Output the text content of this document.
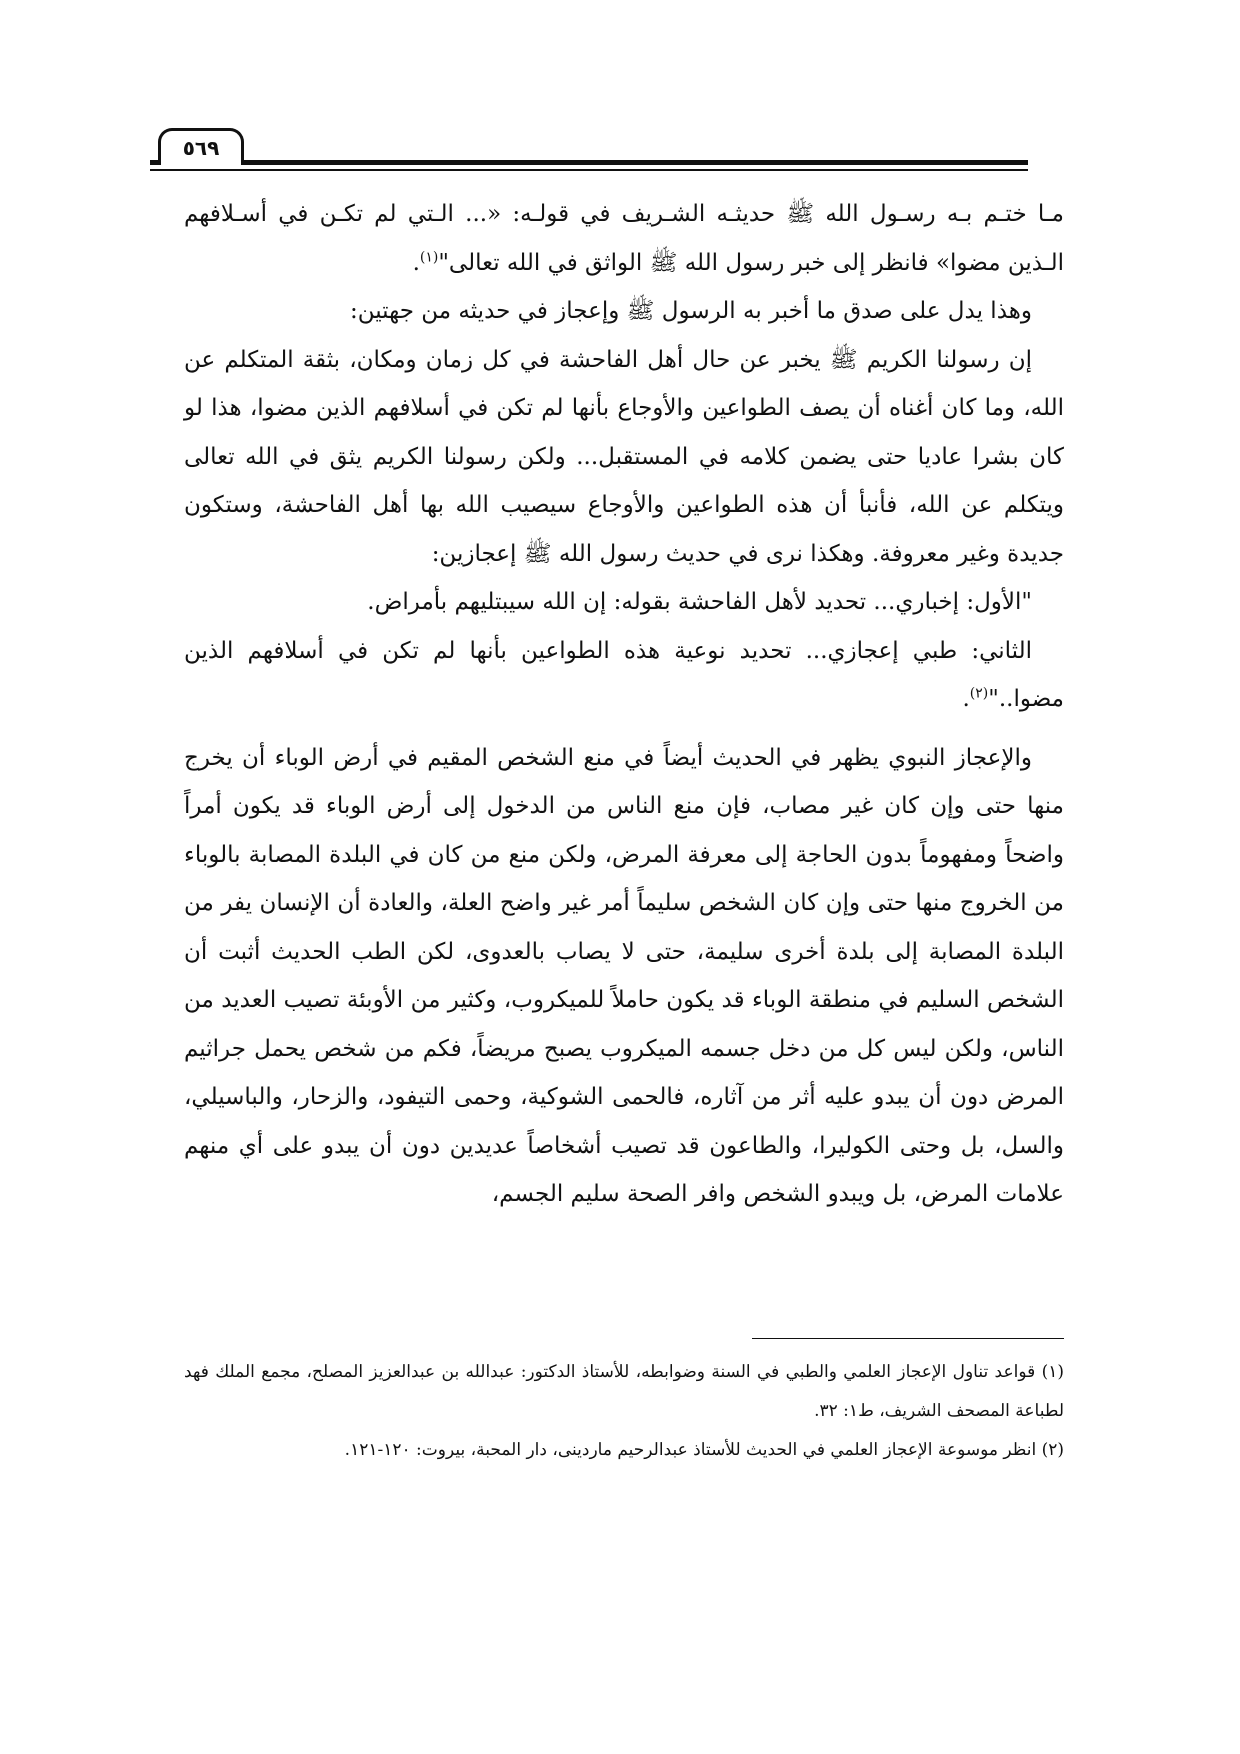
٥٦٩

مـا ختـم بـه رسـول الله ﷺ حديثـه الشـريف في قولـه: «... الـتي لم تكـن في أسـلافهم الـذين مضوا» فانظر إلى خبر رسول الله ﷺ الواثق في الله تعالى"$^{(١)}$.

وهذا يدل على صدق ما أخبر به الرسول ﷺ وإعجاز في حديثه من جهتين:

إن رسولنا الكريم ﷺ يخبر عن حال أهل الفاحشة في كل زمان ومكان، بثقة المتكلم عن الله، وما كان أغناه أن يصف الطواعين والأوجاع بأنها لم تكن في أسلافهم الذين مضوا، هذا لو كان بشرا عاديا حتى يضمن كلامه في المستقبل... ولكن رسولنا الكريم يثق في الله تعالى ويتكلم عن الله، فأنبأ أن هذه الطواعين والأوجاع سيصيب الله بها أهل الفاحشة، وستكون جديدة وغير معروفة. وهكذا نرى في حديث رسول الله ﷺ إعجازين:

"الأول: إخباري... تحديد لأهل الفاحشة بقوله: إن الله سيبتليهم بأمراض.

الثاني: طبي إعجازي... تحديد نوعية هذه الطواعين بأنها لم تكن في أسلافهم الذين مضوا.."$^{(٢)}$.

والإعجاز النبوي يظهر في الحديث أيضاً في منع الشخص المقيم في أرض الوباء أن يخرج منها حتى وإن كان غير مصاب، فإن منع الناس من الدخول إلى أرض الوباء قد يكون أمراً واضحاً ومفهوماً بدون الحاجة إلى معرفة المرض، ولكن منع من كان في البلدة المصابة بالوباء من الخروج منها حتى وإن كان الشخص سليماً أمر غير واضح العلة، والعادة أن الإنسان يفر من البلدة المصابة إلى بلدة أخرى سليمة، حتى لا يصاب بالعدوى، لكن الطب الحديث أثبت أن الشخص السليم في منطقة الوباء قد يكون حاملاً للميكروب، وكثير من الأوبئة تصيب العديد من الناس، ولكن ليس كل من دخل جسمه الميكروب يصبح مريضاً، فكم من شخص يحمل جراثيم المرض دون أن يبدو عليه أثر من آثاره، فالحمى الشوكية، وحمى التيفود، والزحار، والباسيلي، والسل، بل وحتى الكوليرا، والطاعون قد تصيب أشخاصاً عديدين دون أن يبدو على أي منهم علامات المرض، بل ويبدو الشخص وافر الصحة سليم الجسم،

(١) قواعد تناول الإعجاز العلمي والطبي في السنة وضوابطه، للأستاذ الدكتور: عبدالله بن عبدالعزيز المصلح، مجمع الملك فهد لطباعة المصحف الشريف، ط١: ٣٢.

(٢) انظر موسوعة الإعجاز العلمي في الحديث للأستاذ عبدالرحيم ماردينى، دار المحبة، بيروت: ١٢٠-١٢١.
